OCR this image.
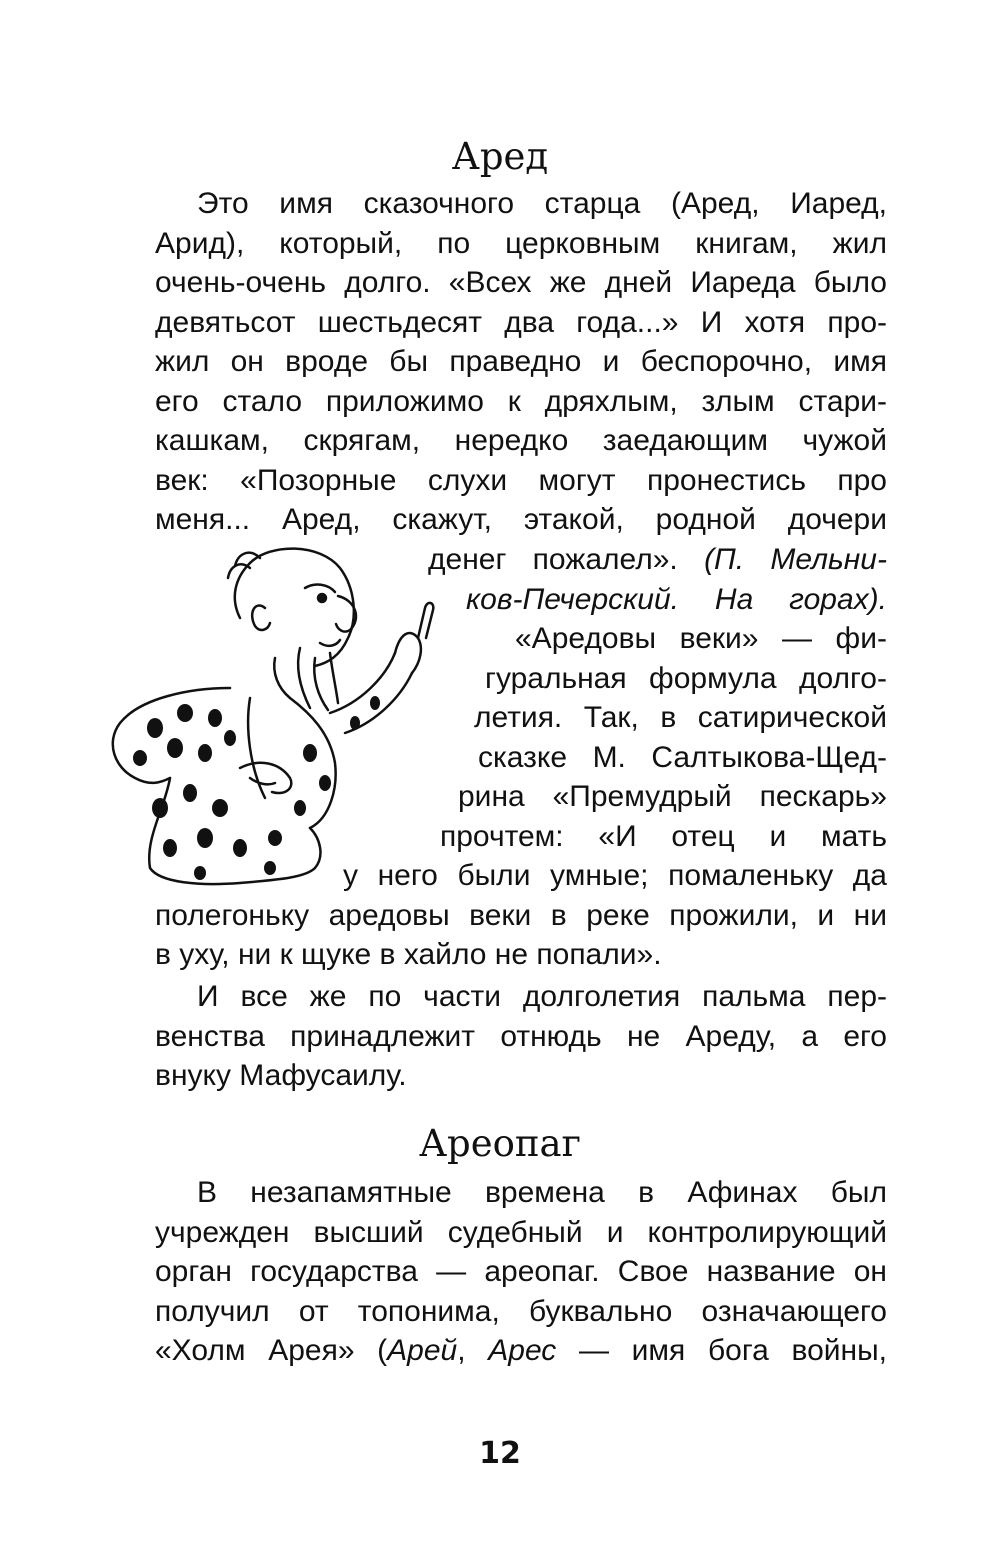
Аред
Это имя сказочного старца (Аред, Иаред,
Арид), который, по церковным книгам, жил
очень-очень долго. «Всех же дней Иареда было
девятьсот шестьдесят два года...» И хотя про-
жил он вроде бы праведно и беспорочно, имя
его стало приложимо к дряхлым, злым стари-
кашкам, скрягам, нередко заедающим чужой
век: «Позорные слухи могут пронестись про
меня... Аред, скажут, этакой, родной дочери
денег пожалел». (П. Мельни-
ков-Печерский. На горах).
«Аредовы веки» — фи-
гуральная формула долго-
летия. Так, в сатирической
сказке М. Салтыкова-Щед-
рина «Премудрый пескарь»
прочтем: «И отец и мать
у него были умные; помаленьку да
полегоньку аредовы веки в реке прожили, и ни
в уху, ни к щуке в хайло не попали».
И все же по части долголетия пальма пер-
венства принадлежит отнюдь не Ареду, а его
внуку Мафусаилу.
Ареопаг
В незапамятные времена в Афинах был
учрежден высший судебный и контролирующий
орган государства — ареопаг. Свое название он
получил от топонима, буквально означающего
«Холм Арея» (Арей, Арес — имя бога войны,
12
